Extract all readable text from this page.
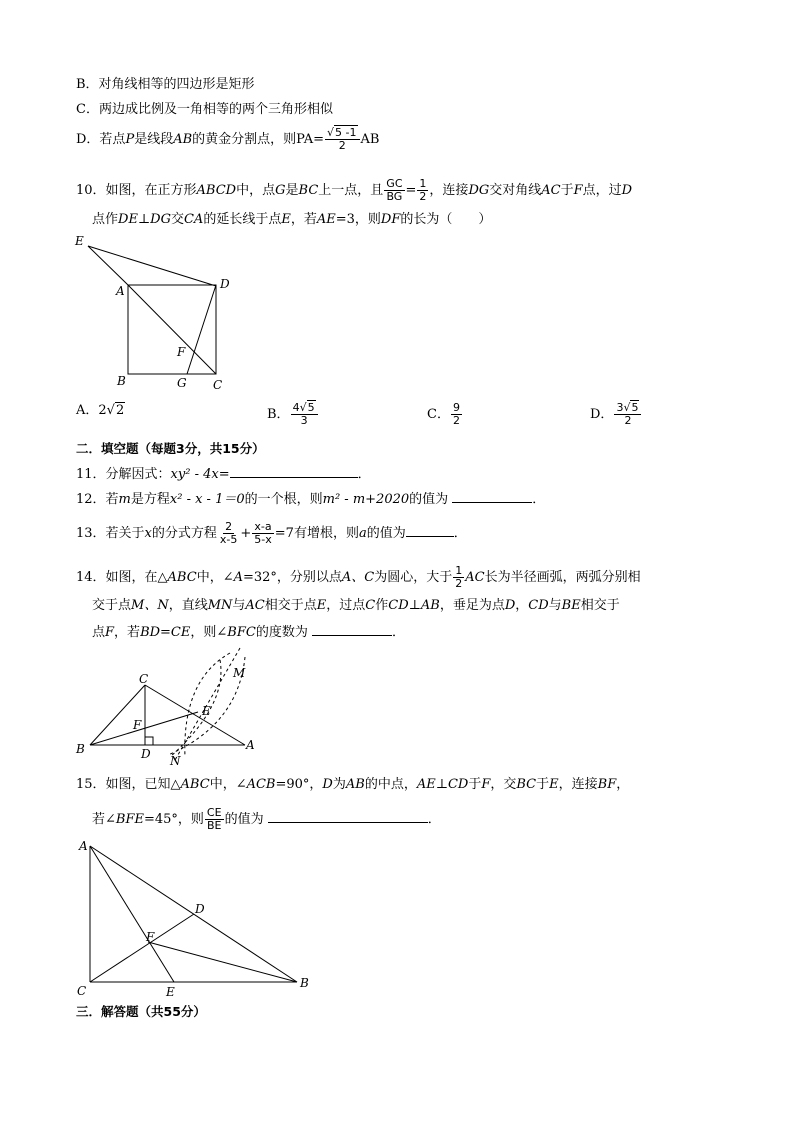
B．对角线相等的四边形是矩形
C．两边成比例及一角相等的两个三角形相似
D．若点P是线段AB的黄金分割点，则$PA= \frac{√5 -1}{2}$ AB
10．如图，在正方形ABCD中，点G是BC上一点，且 $\frac{GC}{BG} = \frac{1}{2}$ ，连接DG交对角线AC于F点，过D
点作DE⊥DG交CA的延长线于点E，若AE=3，则DF的长为（　　）
E
A	D
F
B	G C
A．2√2	B． $\frac{4√5}{3}$	C． $\frac{9}{2}$	D． $\frac{3√5}{2}$
二．填空题（每题3分，共15分）
11．分解因式：xy² - 4x=	．
12．若m是方程x² - x - 1＝0的一个根，则m² - m+2020的值为	．
13．若关于x的分式方程 $\frac{2}{x-5} + \frac{x-a}{5-x} =7$有增根，则a的值为	．
14．如图，在△ABC中，∠A=32°，分别以点A、C为圆心，大于 $\frac{1}{2}$ AC长为半径画弧，两弧分别相
交于点M、N，直线MN与AC相交于点E，过点C作CD⊥AB，垂足为点D，CD与BE相交于
点F，若BD=CE，则∠BFC的度数为	．
C	M
F
E
B	D
A
N
15．如图，已知△ABC中，∠ACB=90°，D为AB的中点，AE⊥CD于F，交BC于E，连接BF，
若∠BFE=45°，则 $\frac{CE}{BE}$ 的值为	．
A
D
F
C	E
B
三．解答题（共55分）
